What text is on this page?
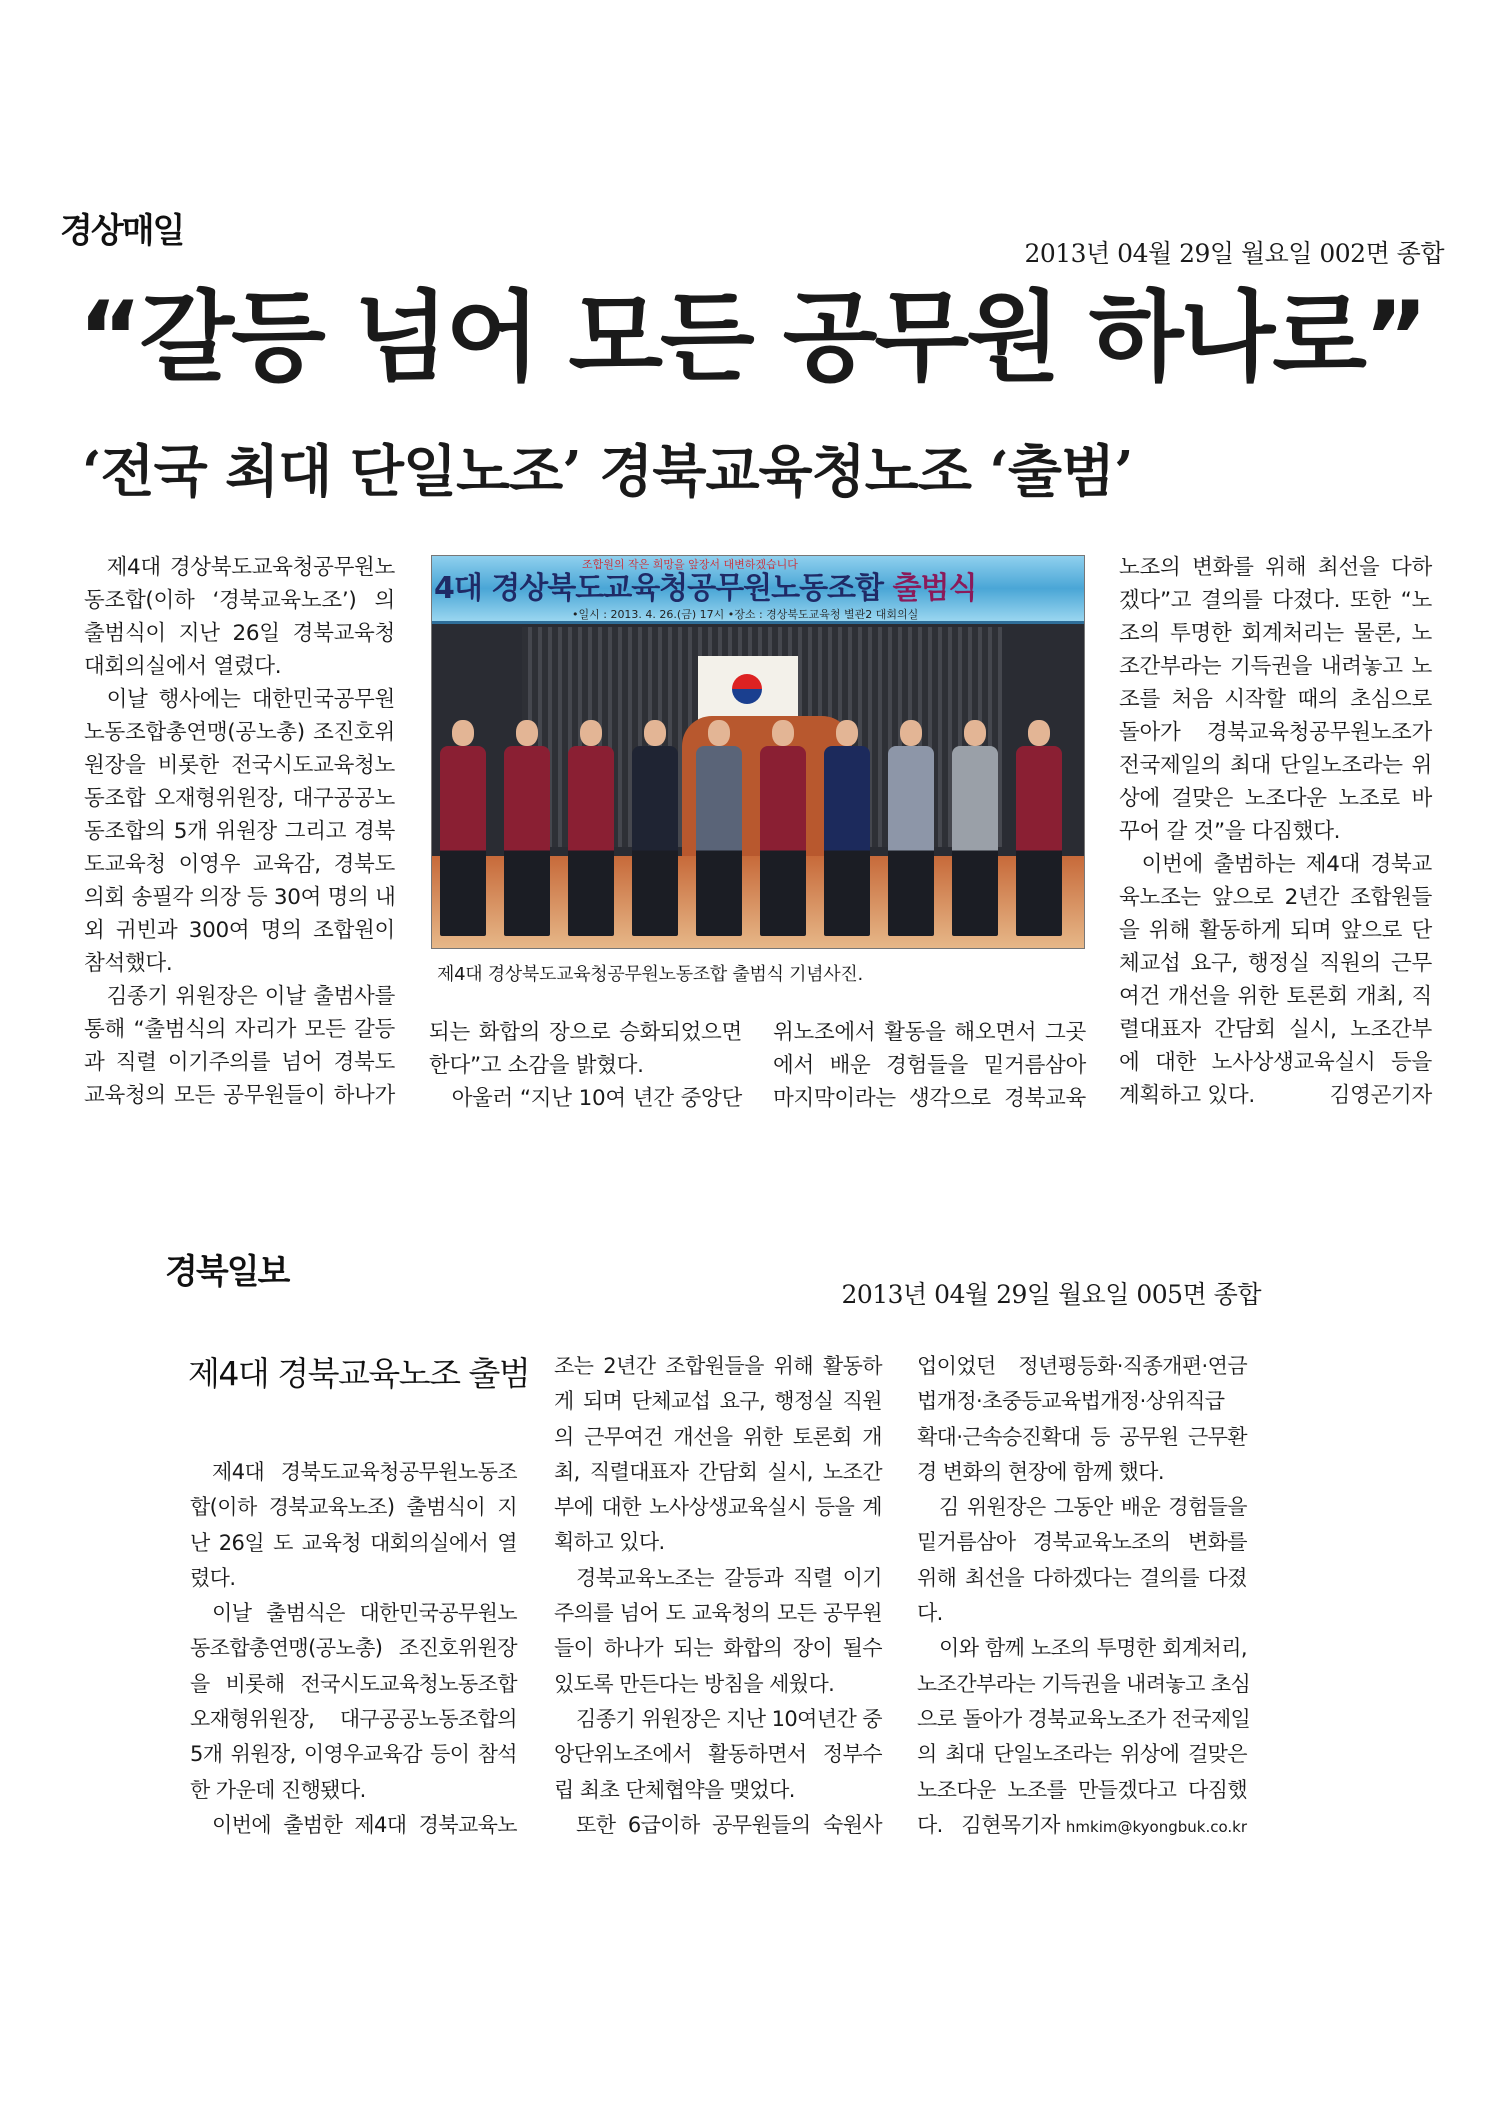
경상매일
2013년 04월 29일 월요일 002면 종합
“갈등 넘어 모든 공무원 하나로”
‘전국 최대 단일노조’ 경북교육청노조 ‘출범’
제4대 경상북도교육청공무원노
동조합(이하 ‘경북교육노조’) 의
출범식이 지난 26일 경북교육청
대회의실에서 열렸다.
이날 행사에는 대한민국공무원
노동조합총연맹(공노총) 조진호위
원장을 비롯한 전국시도교육청노
동조합 오재형위원장, 대구공공노
동조합의 5개 위원장 그리고 경북
도교육청 이영우 교육감, 경북도
의회 송필각 의장 등 30여 명의 내
외 귀빈과 300여 명의 조합원이
참석했다.
김종기 위원장은 이날 출범사를
통해 “출범식의 자리가 모든 갈등
과 직렬 이기주의를 넘어 경북도
교육청의 모든 공무원들이 하나가
되는 화합의 장으로 승화되었으면
한다”고 소감을 밝혔다.
아울러 “지난 10여 년간 중앙단
위노조에서 활동을 해오면서 그곳
에서 배운 경험들을 밑거름삼아
마지막이라는 생각으로 경북교육
노조의 변화를 위해 최선을 다하
겠다”고 결의를 다졌다. 또한 “노
조의 투명한 회계처리는 물론, 노
조간부라는 기득권을 내려놓고 노
조를 처음 시작할 때의 초심으로
돌아가 경북교육청공무원노조가
전국제일의 최대 단일노조라는 위
상에 걸맞은 노조다운 노조로 바
꾸어 갈 것”을 다짐했다.
이번에 출범하는 제4대 경북교
육노조는 앞으로 2년간 조합원들
을 위해 활동하게 되며 앞으로 단
체교섭 요구, 행정실 직원의 근무
여건 개선을 위한 토론회 개최, 직
렬대표자 간담회 실시, 노조간부
에 대한 노사상생교육실시 등을
계획하고 있다.	김영곤기자
조합원의 작은 희망을 앞장서 대변하겠습니다
4대 경상북도교육청공무원노동조합 출범식
•일시 : 2013. 4. 26.(금) 17시 •장소 : 경상북도교육청 별관2 대회의실
제4대 경상북도교육청공무원노동조합 출범식 기념사진.
경북일보
2013년 04월 29일 월요일 005면 종합
제4대 경북교육노조 출범
제4대 경북도교육청공무원노동조
합(이하 경북교육노조) 출범식이 지
난 26일 도 교육청 대회의실에서 열
렸다.
이날 출범식은 대한민국공무원노
동조합총연맹(공노총) 조진호위원장
을 비롯해 전국시도교육청노동조합
오재형위원장, 대구공공노동조합의
5개 위원장, 이영우교육감 등이 참석
한 가운데 진행됐다.
이번에 출범한 제4대 경북교육노
조는 2년간 조합원들을 위해 활동하
게 되며 단체교섭 요구, 행정실 직원
의 근무여건 개선을 위한 토론회 개
최, 직렬대표자 간담회 실시, 노조간
부에 대한 노사상생교육실시 등을 계
획하고 있다.
경북교육노조는 갈등과 직렬 이기
주의를 넘어 도 교육청의 모든 공무원
들이 하나가 되는 화합의 장이 될수
있도록 만든다는 방침을 세웠다.
김종기 위원장은 지난 10여년간 중
앙단위노조에서 활동하면서 정부수
립 최초 단체협약을 맺었다.
또한 6급이하 공무원들의 숙원사
업이었던 정년평등화·직종개편·연금
법개정·초중등교육법개정·상위직급
확대·근속승진확대 등 공무원 근무환
경 변화의 현장에 함께 했다.
김 위원장은 그동안 배운 경험들을
밑거름삼아 경북교육노조의 변화를
위해 최선을 다하겠다는 결의를 다졌
다.
이와 함께 노조의 투명한 회계처리,
노조간부라는 기득권을 내려놓고 초심
으로 돌아가 경북교육노조가 전국제일
의 최대 단일노조라는 위상에 걸맞은
노조다운 노조를 만들겠다고 다짐했
다. 김현목기자 hmkim@kyongbuk.co.kr
